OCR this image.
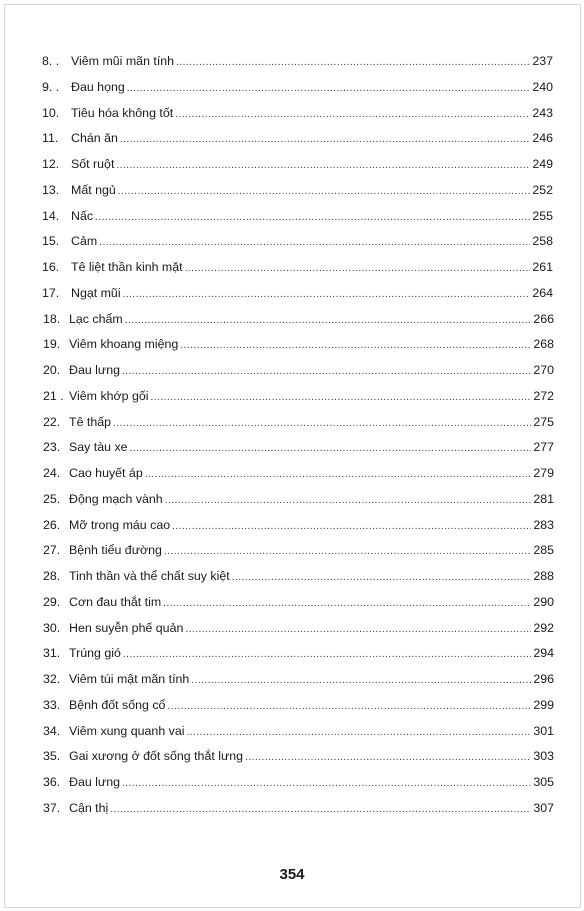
8. . Viêm mũi mãn tính .....	237
9. . Đau họng .....	240
10. Tiêu hóa không tốt .....	243
11.	Chán ăn .....	246
12. Sốt ruột .....	249
13. Mất ngủ .....	252
14. Nấc .....	255
15. Cảm .....	258
16. Tê liệt thần kinh mặt .....	261
17. Ngạt mũi .....	264
18. Lạc chẩm .....	266
19. Viêm khoang miệng .....	268
20. Đau lưng .....	270
21 . Viêm khớp gối .....	272
22. Tê thấp .....	275
23. Say tàu xe .....	277
24. Cao huyết áp .....	279
25. Động mạch vành .....	281
26. Mỡ trong máu cao .....	283
27. Bệnh tiểu đường .....	285
28. Tinh thần và thể chất suy kiệt .....	288
29. Cơn đau thắt tim .....	290
30. Hen suyễn phế quản .....	292
31. Trúng gió .....	294
32. Viêm túi mật mãn tính .....	296
33. Bệnh đốt sống cổ .....	299
34. Viêm xung quanh vai .....	301
35. Gai xương ở đốt sống thắt lưng .....	303
36. Đau lưng .....	305
37. Cận thị .....	307
354
